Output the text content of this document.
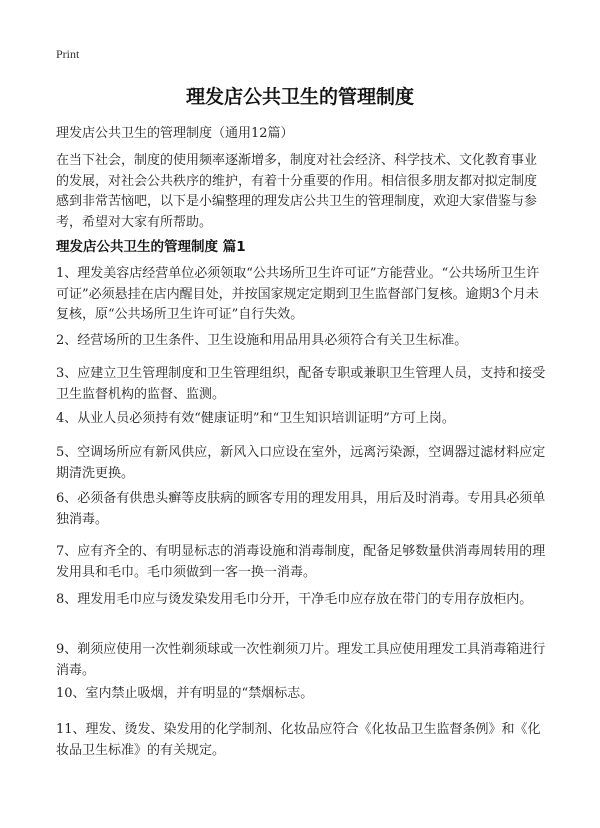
Print
理发店公共卫生的管理制度
理发店公共卫生的管理制度（通用12篇）

在当下社会，制度的使用频率逐渐增多，制度对社会经济、科学技术、文化教育事业的发展，对社会公共秩序的维护，有着十分重要的作用。相信很多朋友都对拟定制度感到非常苦恼吧，以下是小编整理的理发店公共卫生的管理制度，欢迎大家借鉴与参考，希望对大家有所帮助。

理发店公共卫生的管理制度 篇1
1、理发美容店经营单位必须领取“公共场所卫生许可证”方能营业。“公共场所卫生许可证”必须悬挂在店内醒目处，并按国家规定定期到卫生监督部门复核。逾期3个月未复核，原“公共场所卫生许可证”自行失效。
2、经营场所的卫生条件、卫生设施和用品用具必须符合有关卫生标准。
3、应建立卫生管理制度和卫生管理组织，配备专职或兼职卫生管理人员，支持和接受卫生监督机构的监督、监测。
4、从业人员必须持有效“健康证明”和“卫生知识培训证明”方可上岗。
5、空调场所应有新风供应，新风入口应设在室外，远离污染源，空调器过滤材料应定期清洗更换。
6、必须备有供患头癣等皮肤病的顾客专用的理发用具，用后及时消毒。专用具必须单独消毒。
7、应有齐全的、有明显标志的消毒设施和消毒制度，配备足够数量供消毒周转用的理发用具和毛巾。毛巾须做到一客一换一消毒。
8、理发用毛巾应与烫发染发用毛巾分开，干净毛巾应存放在带门的专用存放柜内。
9、剃须应使用一次性剃须球或一次性剃须刀片。理发工具应使用理发工具消毒箱进行消毒。
10、室内禁止吸烟，并有明显的“禁烟标志。
11、理发、烫发、染发用的化学制剂、化妆品应符合《化妆品卫生监督条例》和《化妆品卫生标准》的有关规定。
